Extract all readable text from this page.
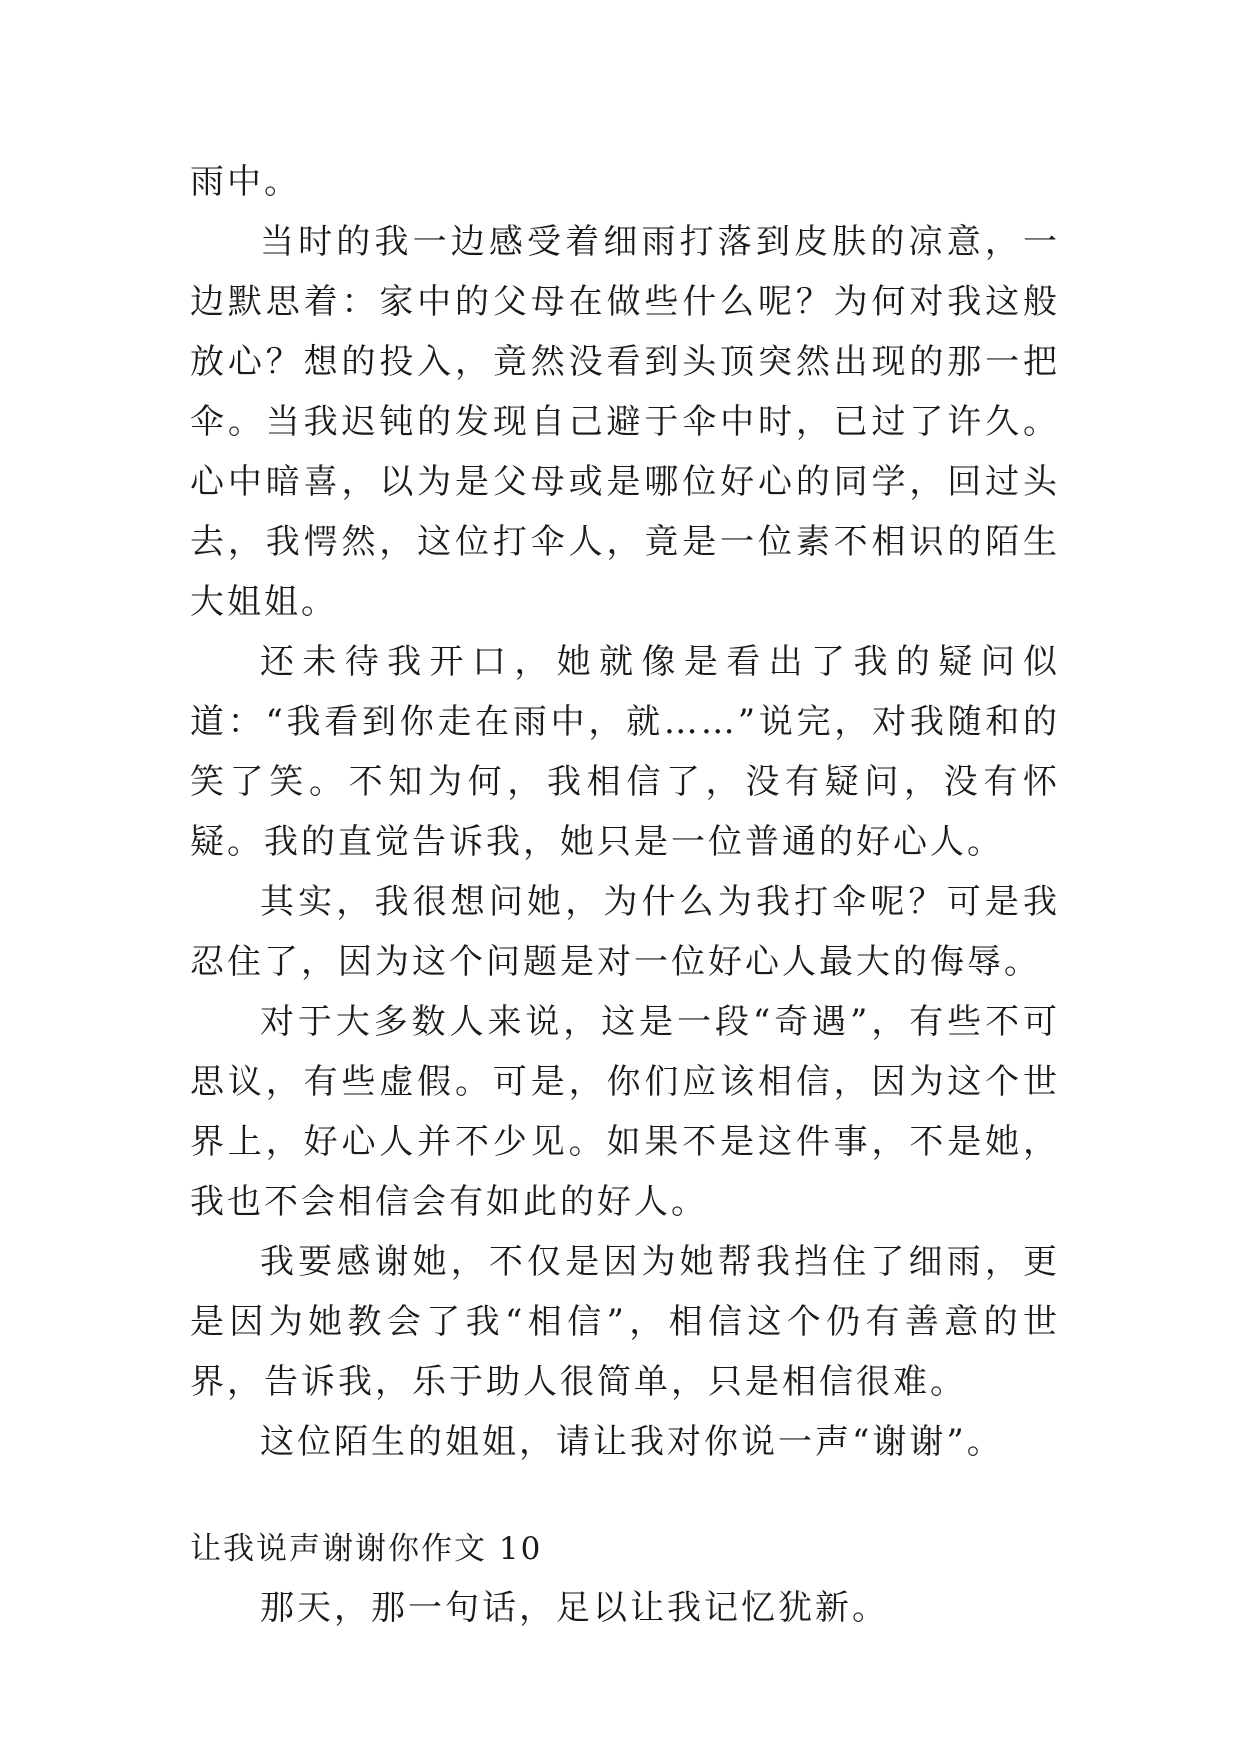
雨中。

当时的我一边感受着细雨打落到皮肤的凉意，一边默思着：家中的父母在做些什么呢？为何对我这般放心？想的投入，竟然没看到头顶突然出现的那一把伞。当我迟钝的发现自己避于伞中时，已过了许久。心中暗喜，以为是父母或是哪位好心的同学，回过头去，我愕然，这位打伞人，竟是一位素不相识的陌生大姐姐。

还未待我开口，她就像是看出了我的疑问似道：“我看到你走在雨中，就……”说完，对我随和的笑了笑。不知为何，我相信了，没有疑问，没有怀疑。我的直觉告诉我，她只是一位普通的好心人。

其实，我很想问她，为什么为我打伞呢？可是我忍住了，因为这个问题是对一位好心人最大的侮辱。

对于大多数人来说，这是一段“奇遇”，有些不可思议，有些虚假。可是，你们应该相信，因为这个世界上，好心人并不少见。如果不是这件事，不是她，我也不会相信会有如此的好人。

我要感谢她，不仅是因为她帮我挡住了细雨，更是因为她教会了我“相信”，相信这个仍有善意的世界，告诉我，乐于助人很简单，只是相信很难。

这位陌生的姐姐，请让我对你说一声“谢谢”。

让我说声谢谢你作文 10

那天，那一句话，足以让我记忆犹新。
